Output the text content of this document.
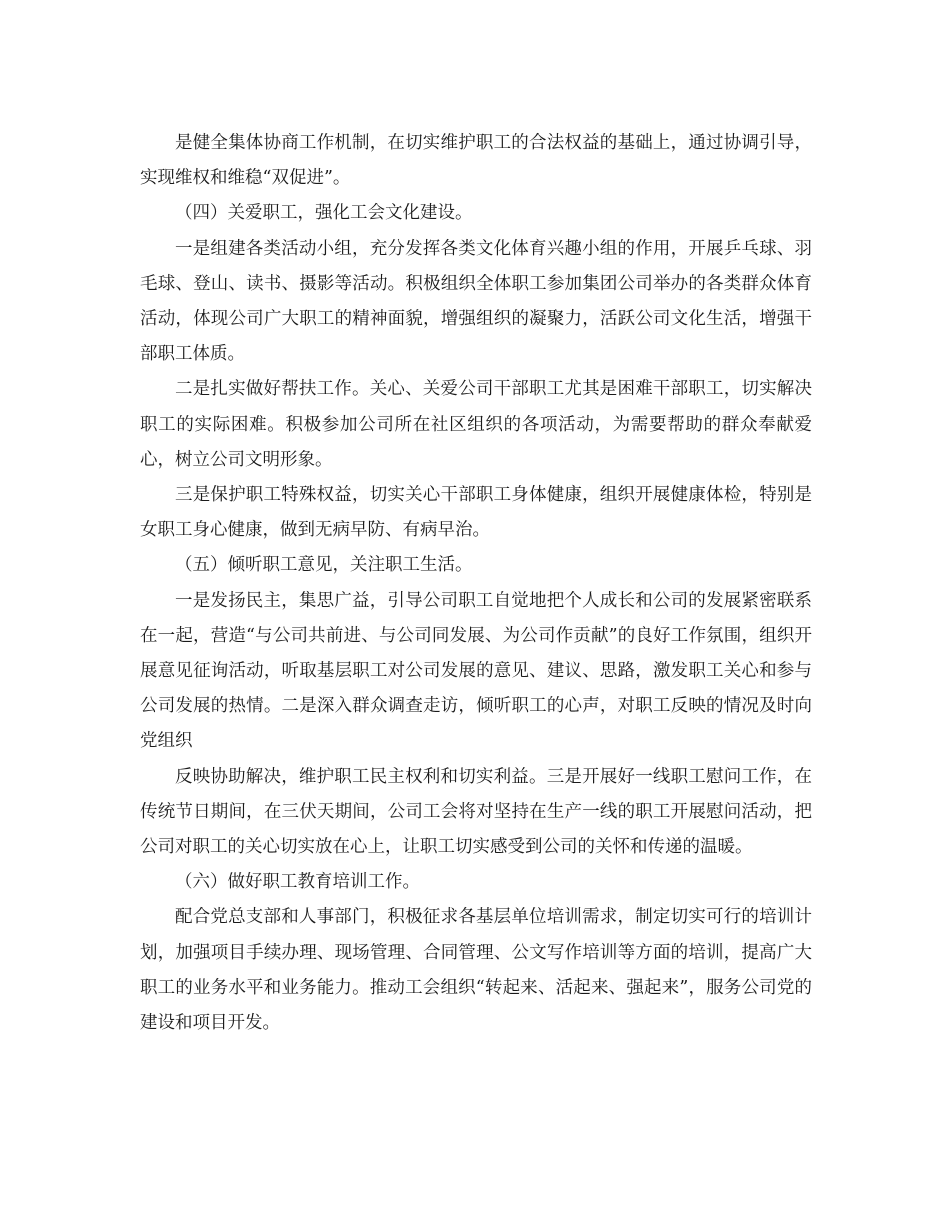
是健全集体协商工作机制，在切实维护职工的合法权益的基础上，通过协调引导，实现维权和维稳“双促进”。

（四）关爱职工，强化工会文化建设。

一是组建各类活动小组，充分发挥各类文化体育兴趣小组的作用，开展乒乓球、羽毛球、登山、读书、摄影等活动。积极组织全体职工参加集团公司举办的各类群众体育活动，体现公司广大职工的精神面貌，增强组织的凝聚力，活跃公司文化生活，增强干部职工体质。

二是扎实做好帮扶工作。关心、关爱公司干部职工尤其是困难干部职工，切实解决职工的实际困难。积极参加公司所在社区组织的各项活动，为需要帮助的群众奉献爱心，树立公司文明形象。

三是保护职工特殊权益，切实关心干部职工身体健康，组织开展健康体检，特别是女职工身心健康，做到无病早防、有病早治。

（五）倾听职工意见，关注职工生活。

一是发扬民主，集思广益，引导公司职工自觉地把个人成长和公司的发展紧密联系在一起，营造“与公司共前进、与公司同发展、为公司作贡献”的良好工作氛围，组织开展意见征询活动，听取基层职工对公司发展的意见、建议、思路，激发职工关心和参与公司发展的热情。二是深入群众调查走访，倾听职工的心声，对职工反映的情况及时向党组织

反映协助解决，维护职工民主权利和切实利益。三是开展好一线职工慰问工作，在传统节日期间，在三伏天期间，公司工会将对坚持在生产一线的职工开展慰问活动，把公司对职工的关心切实放在心上，让职工切实感受到公司的关怀和传递的温暖。

（六）做好职工教育培训工作。

配合党总支部和人事部门，积极征求各基层单位培训需求，制定切实可行的培训计划，加强项目手续办理、现场管理、合同管理、公文写作培训等方面的培训，提高广大职工的业务水平和业务能力。推动工会组织“转起来、活起来、强起来”，服务公司党的建设和项目开发。
